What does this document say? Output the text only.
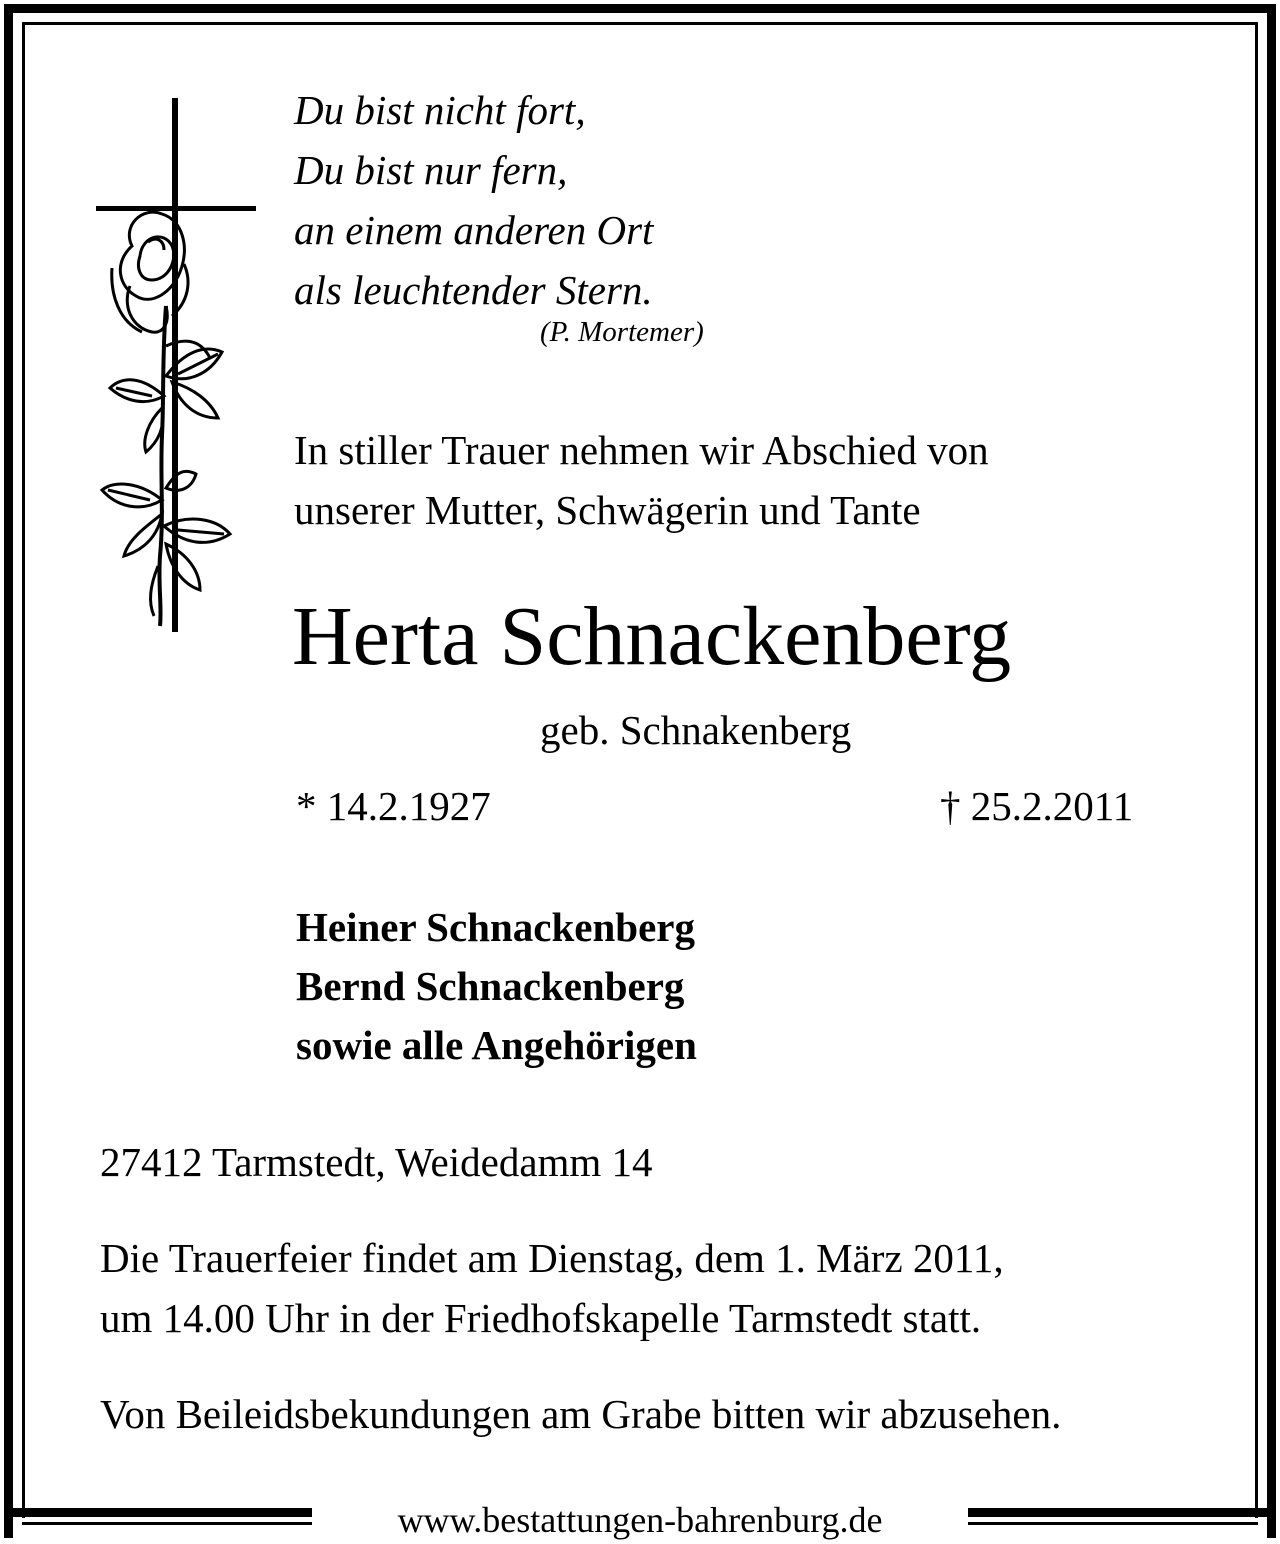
Du bist nicht fort,
Du bist nur fern,
an einem anderen Ort
als leuchtender Stern.
(P. Mortemer)
In stiller Trauer nehmen wir Abschied von
unserer Mutter, Schwägerin und Tante
Herta Schnackenberg
geb. Schnakenberg
* 14.2.1927	† 25.2.2011
Heiner Schnackenberg
Bernd Schnackenberg
sowie alle Angehörigen
27412 Tarmstedt, Weidedamm 14
Die Trauerfeier findet am Dienstag, dem 1. März 2011,
um 14.00 Uhr in der Friedhofskapelle Tarmstedt statt.
Von Beileidsbekundungen am Grabe bitten wir abzusehen.
www.bestattungen-bahrenburg.de
